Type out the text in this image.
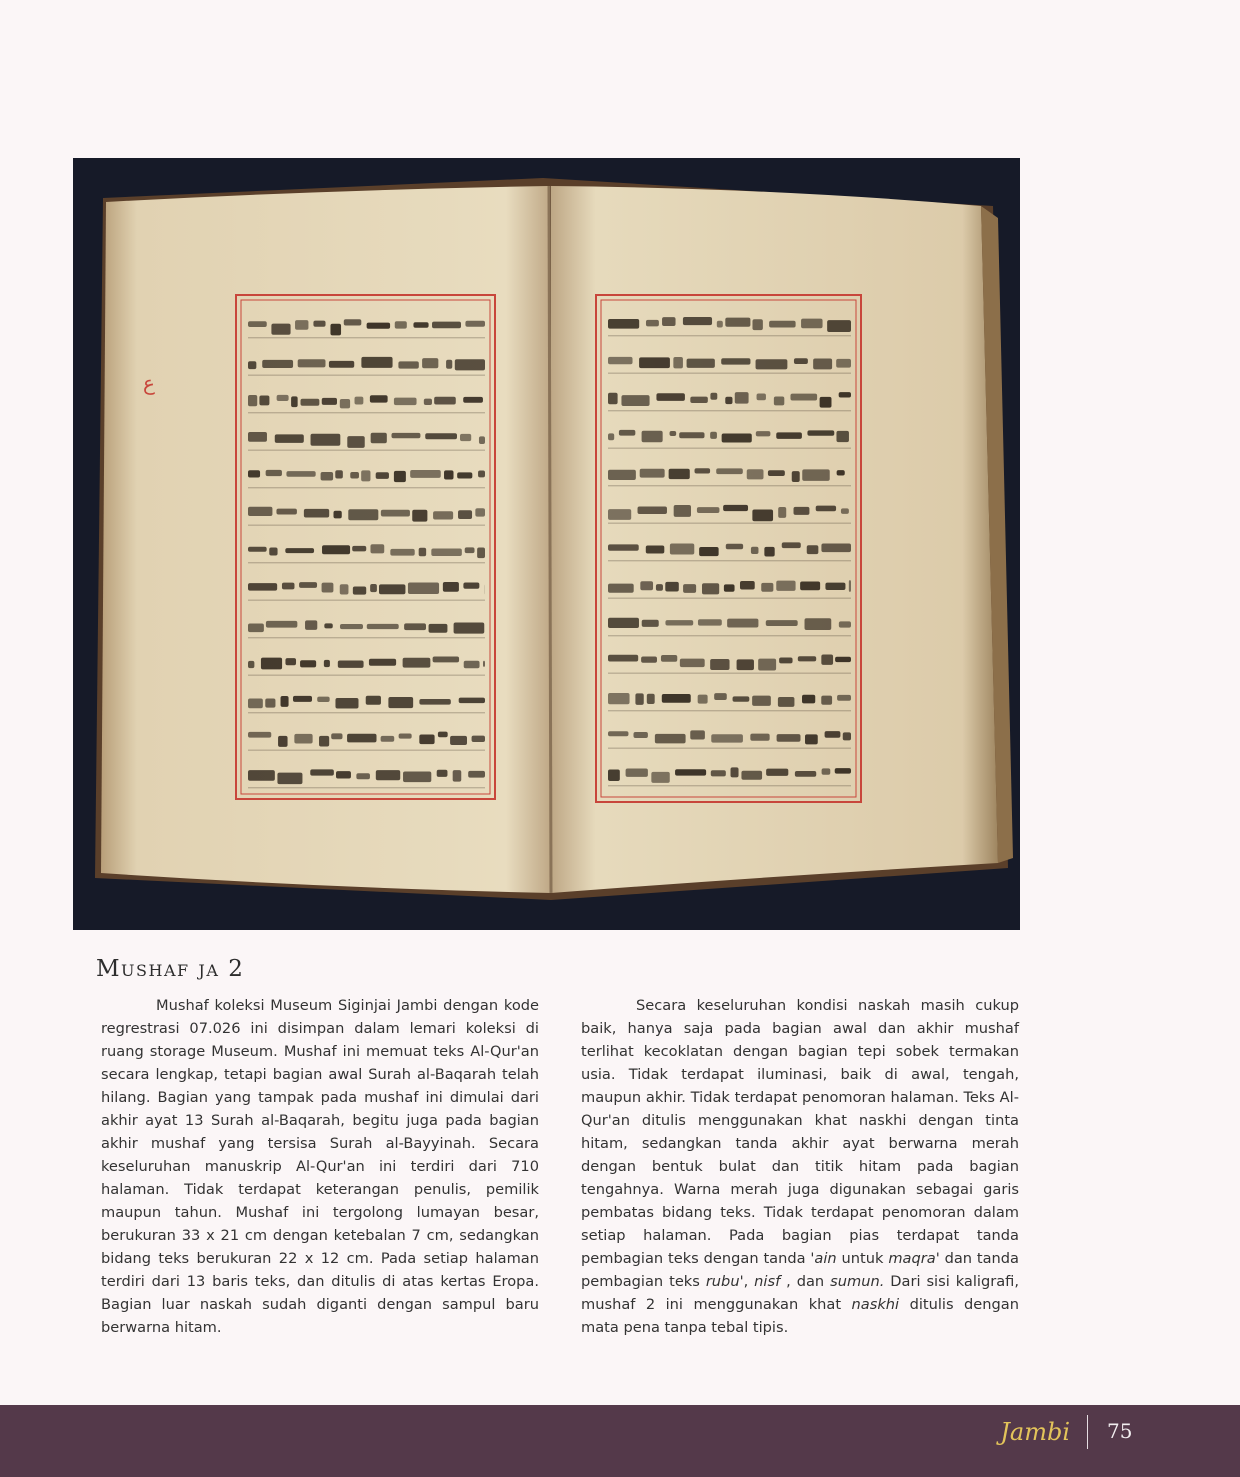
ع
Mushaf ja 2

Mushaf koleksi Museum Siginjai Jambi dengan kode regrestrasi 07.026 ini disimpan dalam lemari koleksi di ruang storage Museum. Mushaf ini memuat teks Al-Qur'an secara lengkap, tetapi bagian awal Surah al-Baqarah telah hilang. Bagian yang tampak pada mushaf ini dimulai dari akhir ayat 13 Surah al-Baqarah, begitu juga pada bagian akhir mushaf yang tersisa Surah al-Bayyinah. Secara keseluruhan manuskrip Al-Qur'an ini terdiri dari 710 halaman. Tidak terdapat keterangan penulis, pemilik maupun tahun. Mushaf ini tergolong lumayan besar, berukuran 33 x 21 cm dengan ketebalan 7 cm, sedangkan bidang teks berukuran 22 x 12 cm. Pada setiap halaman terdiri dari 13 baris teks, dan ditulis di atas kertas Eropa. Bagian luar naskah sudah diganti dengan sampul baru berwarna hitam.

Secara keseluruhan kondisi naskah masih cukup baik, hanya saja pada bagian awal dan akhir mushaf terlihat kecoklatan dengan bagian tepi sobek termakan usia. Tidak terdapat iluminasi, baik di awal, tengah, maupun akhir. Tidak terdapat penomoran halaman. Teks Al-Qur'an ditulis menggunakan khat naskhi dengan tinta hitam, sedangkan tanda akhir ayat berwarna merah dengan bentuk bulat dan titik hitam pada bagian tengahnya. Warna merah juga digunakan sebagai garis pembatas bidang teks. Tidak terdapat penomoran dalam setiap halaman. Pada bagian pias terdapat tanda pembagian teks dengan tanda 'ain untuk maqra' dan tanda pembagian teks rubu', nisf , dan sumun. Dari sisi kaligrafi, mushaf 2 ini menggunakan khat naskhi ditulis dengan mata pena tanpa tebal tipis.

Jambi 75
